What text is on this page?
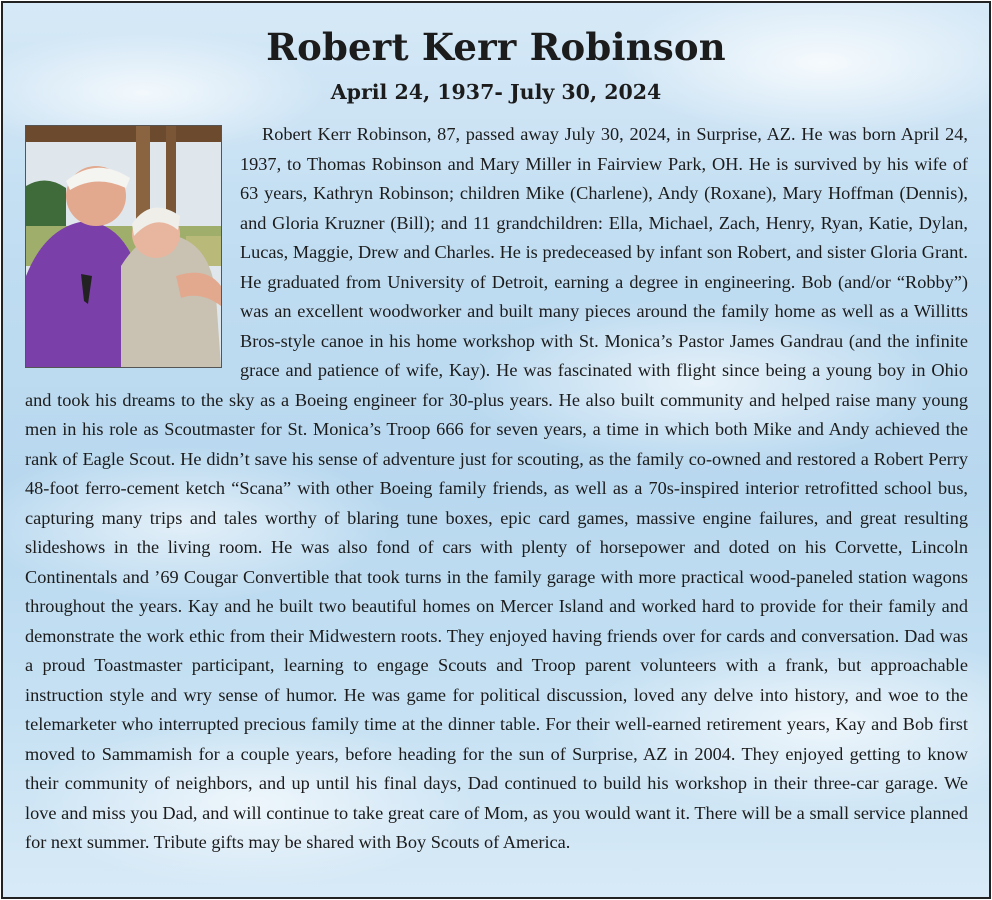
Robert Kerr Robinson
April 24, 1937- July 30, 2024
Robert Kerr Robinson, 87, passed away July 30, 2024, in Surprise, AZ. He was born April 24, 1937, to Thomas Robinson and Mary Miller in Fairview Park, OH. He is survived by his wife of 63 years, Kathryn Robinson; children Mike (Charlene), Andy (Roxane), Mary Hoffman (Dennis), and Gloria Kruzner (Bill); and 11 grandchildren: Ella, Michael, Zach, Henry, Ryan, Katie, Dylan, Lucas, Maggie, Drew and Charles. He is predeceased by infant son Robert, and sister Gloria Grant. He graduated from University of Detroit, earning a degree in engineering. Bob (and/or “Robby”) was an excellent woodworker and built many pieces around the family home as well as a Willitts Bros-style canoe in his home workshop with St. Monica’s Pastor James Gandrau (and the infinite grace and patience of wife, Kay). He was fascinated with flight since being a young boy in Ohio and took his dreams to the sky as a Boeing engineer for 30-plus years. He also built community and helped raise many young men in his role as Scoutmaster for St. Monica’s Troop 666 for seven years, a time in which both Mike and Andy achieved the rank of Eagle Scout. He didn’t save his sense of adventure just for scouting, as the family co-owned and restored a Robert Perry 48-foot ferro-cement ketch “Scana” with other Boeing family friends, as well as a 70s-inspired interior retrofitted school bus, capturing many trips and tales worthy of blaring tune boxes, epic card games, massive engine failures, and great resulting slideshows in the living room. He was also fond of cars with plenty of horsepower and doted on his Corvette, Lincoln Continentals and ’69 Cougar Convertible that took turns in the family garage with more practical wood-paneled station wagons throughout the years. Kay and he built two beautiful homes on Mercer Island and worked hard to provide for their family and demonstrate the work ethic from their Midwestern roots. They enjoyed having friends over for cards and conversation. Dad was a proud Toastmaster participant, learning to engage Scouts and Troop parent volunteers with a frank, but approachable instruction style and wry sense of humor. He was game for political discussion, loved any delve into history, and woe to the telemarketer who interrupted precious family time at the dinner table. For their well-earned retirement years, Kay and Bob first moved to Sammamish for a couple years, before heading for the sun of Surprise, AZ in 2004. They enjoyed getting to know their community of neighbors, and up until his final days, Dad continued to build his workshop in their three-car garage. We love and miss you Dad, and will continue to take great care of Mom, as you would want it. There will be a small service planned for next summer. Tribute gifts may be shared with Boy Scouts of America.
